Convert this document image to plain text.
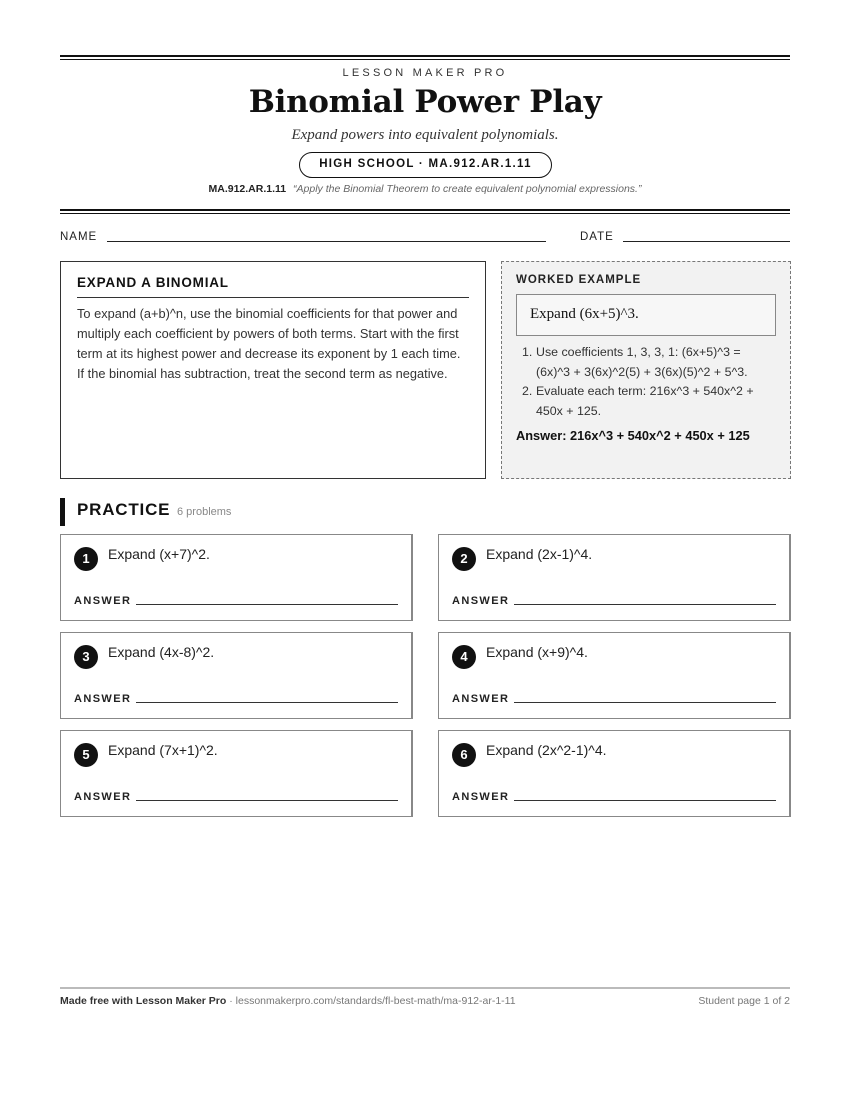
LESSON MAKER PRO
Binomial Power Play
Expand powers into equivalent polynomials.
HIGH SCHOOL · MA.912.AR.1.11
MA.912.AR.1.11 “Apply the Binomial Theorem to create equivalent polynomial expressions.”
NAME	DATE
EXPAND A BINOMIAL

To expand (a+b)^n, use the binomial coefficients for that power and multiply each coefficient by powers of both terms. Start with the first term at its highest power and decrease its exponent by 1 each time. If the binomial has subtraction, treat the second term as negative.

WORKED EXAMPLE
Expand (6x+5)^3.
1. Use coefficients 1, 3, 3, 1: (6x+5)^3 = (6x)^3 + 3(6x)^2(5) + 3(6x)(5)^2 + 5^3.
2. Evaluate each term: 216x^3 + 540x^2 + 450x + 125.
Answer: 216x^3 + 540x^2 + 450x + 125
PRACTICE 6 problems
1	Expand (x+7)^2.
ANSWER
2	Expand (2x-1)^4.
ANSWER
3	Expand (4x-8)^2.
ANSWER
4	Expand (x+9)^4.
ANSWER
5	Expand (7x+1)^2.
ANSWER
6	Expand (2x^2-1)^4.
ANSWER
Made free with Lesson Maker Pro · lessonmakerpro.com/standards/fl-best-math/ma-912-ar-1-11	Student page 1 of 2
